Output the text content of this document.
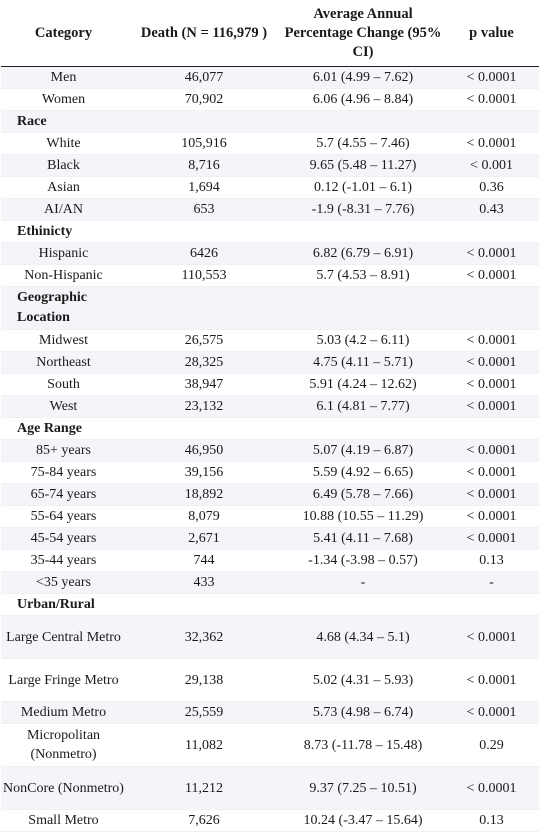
Category	Death (N = 116,979 )	Average Annual Percentage Change (95% CI)	p value
Men	46,077	6.01 (4.99 – 7.62)	< 0.0001
Women	70,902	6.06 (4.96 – 8.84)	< 0.0001
Race			
White	105,916	5.7 (4.55 – 7.46)	< 0.0001
Black	8,716	9.65 (5.48 – 11.27)	< 0.001
Asian	1,694	0.12 (-1.01 – 6.1)	0.36
AI/AN	653	-1.9 (-8.31 – 7.76)	0.43
Ethinicty			
Hispanic	6426	6.82 (6.79 – 6.91)	< 0.0001
Non-Hispanic	110,553	5.7 (4.53 – 8.91)	< 0.0001
Geographic Location			
Midwest	26,575	5.03 (4.2 – 6.11)	< 0.0001
Northeast	28,325	4.75 (4.11 – 5.71)	< 0.0001
South	38,947	5.91 (4.24 – 12.62)	< 0.0001
West	23,132	6.1 (4.81 – 7.77)	< 0.0001
Age Range			
85+ years	46,950	5.07 (4.19 – 6.87)	< 0.0001
75-84 years	39,156	5.59 (4.92 – 6.65)	< 0.0001
65-74 years	18,892	6.49 (5.78 – 7.66)	< 0.0001
55-64 years	8,079	10.88 (10.55 – 11.29)	< 0.0001
45-54 years	2,671	5.41 (4.11 – 7.68)	< 0.0001
35-44 years	744	-1.34 (-3.98 – 0.57)	0.13
<35 years	433	-	-
Urban/Rural			
Large Central Metro	32,362	4.68 (4.34 – 5.1)	< 0.0001
Large Fringe Metro	29,138	5.02 (4.31 – 5.93)	< 0.0001
Medium Metro	25,559	5.73 (4.98 – 6.74)	< 0.0001
Micropolitan (Nonmetro)	11,082	8.73 (-11.78 – 15.48)	0.29
NonCore (Nonmetro)	11,212	9.37 (7.25 – 10.51)	< 0.0001
Small Metro	7,626	10.24 (-3.47 – 15.64)	0.13
